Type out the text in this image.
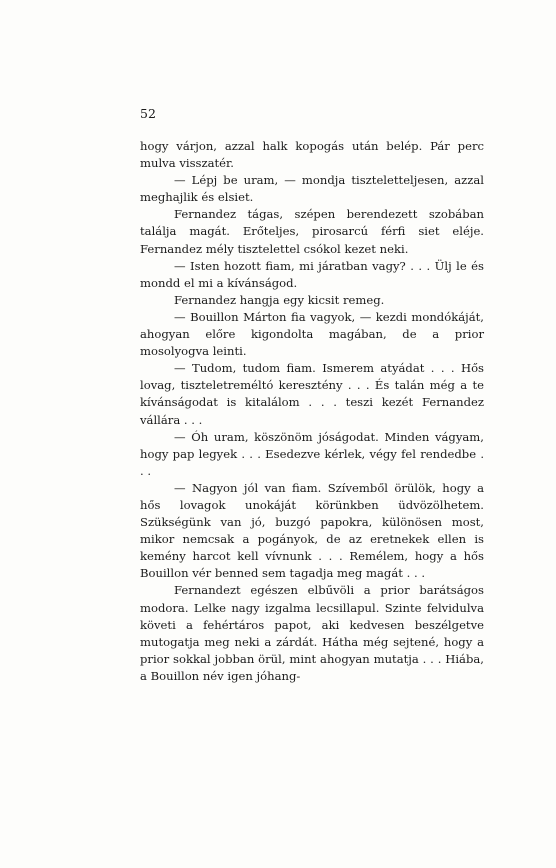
52

hogy várjon, azzal halk kopogás után belép. Pár perc mulva visszatér.

— Lépj be uram, — mondja tiszteletteljesen, azzal meghajlik és elsiet.

Fernandez tágas, szépen berendezett szobában találja magát. Erőteljes, pirosarcú férfi siet eléje. Fernandez mély tisztelettel csókol kezet neki.

— Isten hozott fiam, mi járatban vagy? . . . Ülj le és mondd el mi a kívánságod.

Fernandez hangja egy kicsit remeg.

— Bouillon Márton fia vagyok, — kezdi mondókáját, ahogyan előre kigondolta magában, de a prior mosolyogva leinti.

— Tudom, tudom fiam. Ismerem atyádat . . . Hős lovag, tiszteletreméltó keresztény . . . És talán még a te kívánságodat is kitalálom . . . teszi kezét Fernandez vállára . . .

— Óh uram, köszönöm jóságodat. Minden vágyam, hogy pap legyek . . . Esedezve kérlek, végy fel rendedbe . . .

— Nagyon jól van fiam. Szívemből örülök, hogy a hős lovagok unokáját körünkben üdvözölhetem. Szükségünk van jó, buzgó papokra, különösen most, mikor nemcsak a pogányok, de az eretnekek ellen is kemény harcot kell vívnunk . . . Remélem, hogy a hős Bouillon vér benned sem tagadja meg magát . . .

Fernandezt egészen elbűvöli a prior barátságos modora. Lelke nagy izgalma lecsillapul. Szinte felvidulva követi a fehértáros papot, aki kedvesen beszélgetve mutogatja meg neki a zárdát. Hátha még sejtené, hogy a prior sokkal jobban örül, mint ahogyan mutatja . . . Hiába, a Bouillon név igen jóhang-
